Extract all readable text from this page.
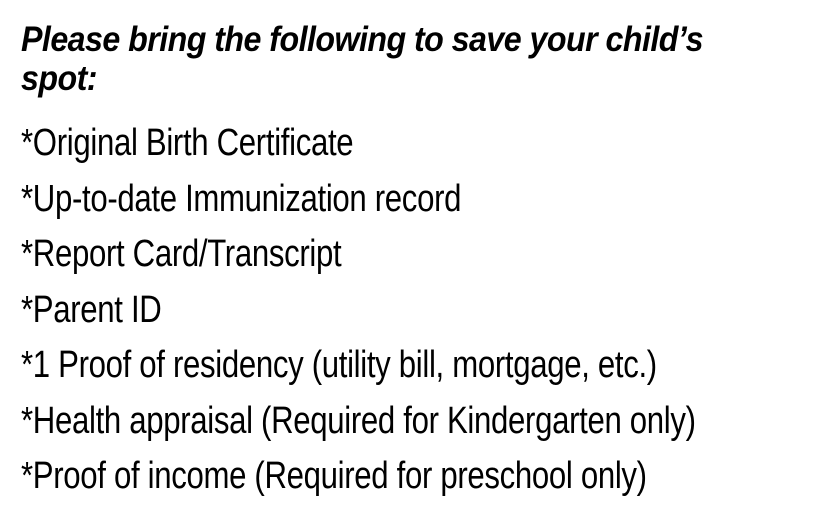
Please bring the following to save your child’s spot:
*Original Birth Certificate
*Up-to-date Immunization record
*Report Card/Transcript
*Parent ID
*1 Proof of residency (utility bill, mortgage, etc.)
*Health appraisal (Required for Kindergarten only)
*Proof of income (Required for preschool only)
